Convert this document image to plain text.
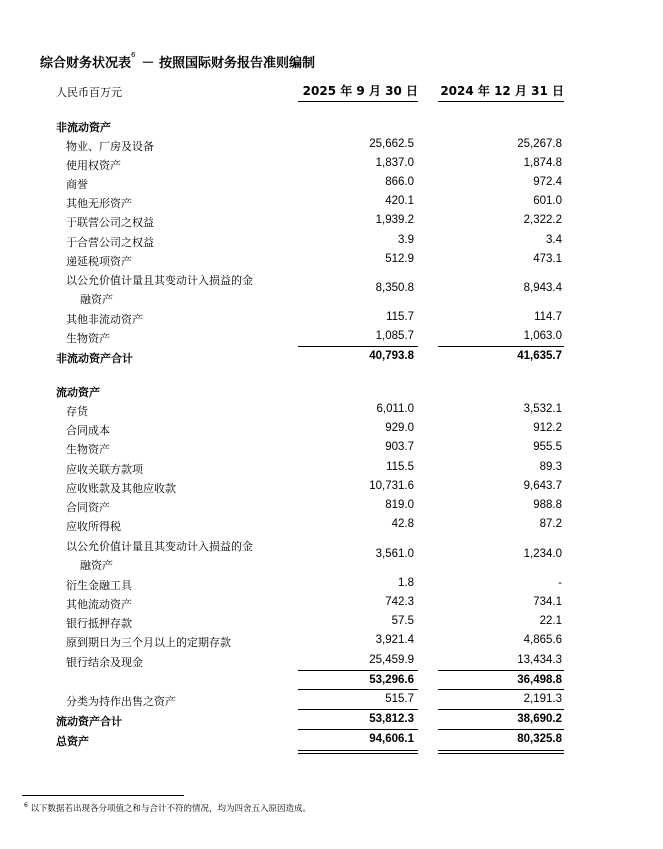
综合财务状况表$^6$－ 按照国际财务报告准则编制
人民币百万元	2025 年 9 月 30 日 2024 年 12 月 31 日
非流动资产
物业、厂房及设备	25,662.5	25,267.8
使用权资产	1,837.0	1,874.8
商誉	866.0	972.4
其他无形资产	420.1	601.0
于联营公司之权益	1,939.2	2,322.2
于合营公司之权益	3.9	3.4
递延税项资产	512.9	473.1
以公允价值计量且其变动计入损益的金
融资产
8,350.8	8,943.4
其他非流动资产	115.7	114.7
生物资产	1,085.7	1,063.0
非流动资产合计	40,793.8	41,635.7
流动资产
存货	6,011.0	3,532.1
合同成本	929.0	912.2
生物资产	903.7	955.5
应收关联方款项	115.5	89.3
应收账款及其他应收款	10,731.6	9,643.7
合同资产	819.0	988.8
应收所得税	42.8	87.2
以公允价值计量且其变动计入损益的金
融资产
3,561.0	1,234.0
衍生金融工具	1.8	-
其他流动资产	742.3	734.1
银行抵押存款	57.5	22.1
原到期日为三个月以上的定期存款	3,921.4	4,865.6
银行结余及现金	25,459.9	13,434.3
53,296.6	36,498.8
分类为持作出售之资产	515.7	2,191.3
流动资产合计	53,812.3	38,690.2
总资产	94,606.1	80,325.8
$^6$ 以下数据若出现各分项值之和与合计不符的情况，均为四舍五入原因造成。
